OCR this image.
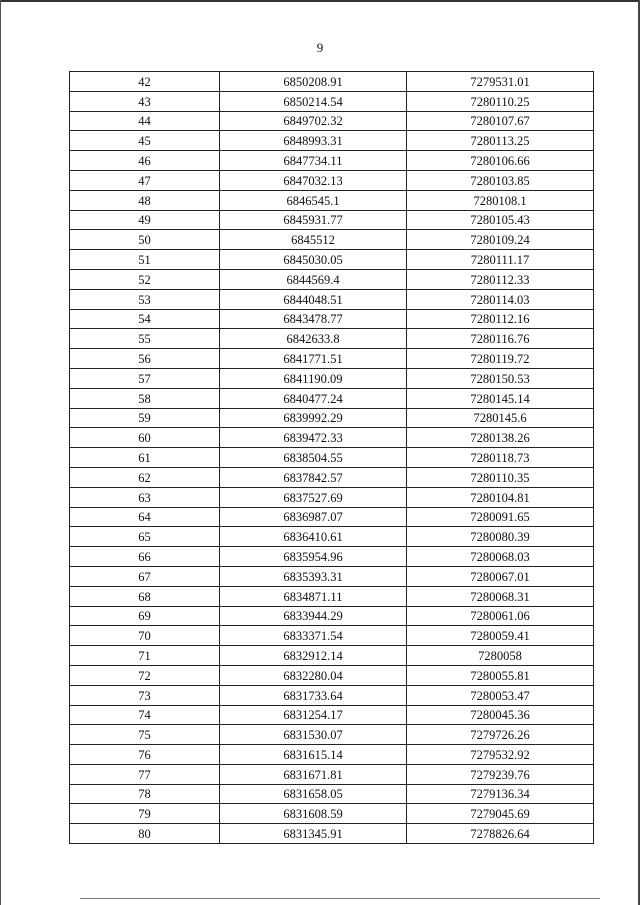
9
42	6850208.91	7279531.01
43	6850214.54	7280110.25
44	6849702.32	7280107.67
45	6848993.31	7280113.25
46	6847734.11	7280106.66
47	6847032.13	7280103.85
48	6846545.1	7280108.1
49	6845931.77	7280105.43
50	6845512	7280109.24
51	6845030.05	7280111.17
52	6844569.4	7280112.33
53	6844048.51	7280114.03
54	6843478.77	7280112.16
55	6842633.8	7280116.76
56	6841771.51	7280119.72
57	6841190.09	7280150.53
58	6840477.24	7280145.14
59	6839992.29	7280145.6
60	6839472.33	7280138.26
61	6838504.55	7280118.73
62	6837842.57	7280110.35
63	6837527.69	7280104.81
64	6836987.07	7280091.65
65	6836410.61	7280080.39
66	6835954.96	7280068.03
67	6835393.31	7280067.01
68	6834871.11	7280068.31
69	6833944.29	7280061.06
70	6833371.54	7280059.41
71	6832912.14	7280058
72	6832280.04	7280055.81
73	6831733.64	7280053.47
74	6831254.17	7280045.36
75	6831530.07	7279726.26
76	6831615.14	7279532.92
77	6831671.81	7279239.76
78	6831658.05	7279136.34
79	6831608.59	7279045.69
80	6831345.91	7278826.64
